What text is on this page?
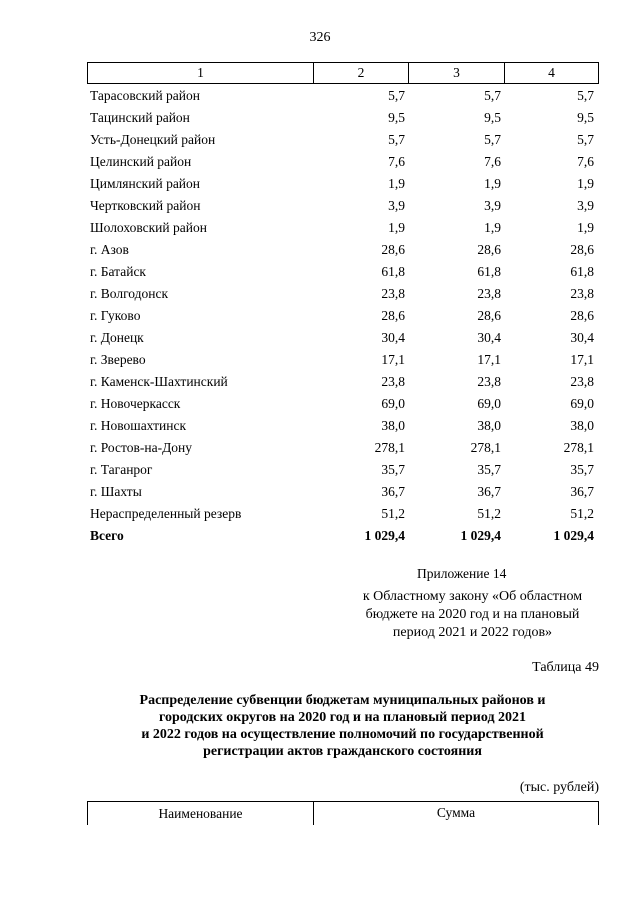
326
1	2	3	4
Тарасовский район	5,7	5,7	5,7
Тацинский район	9,5	9,5	9,5
Усть-Донецкий район	5,7	5,7	5,7
Целинский район	7,6	7,6	7,6
Цимлянский район	1,9	1,9	1,9
Чертковский район	3,9	3,9	3,9
Шолоховский район	1,9	1,9	1,9
г. Азов	28,6	28,6	28,6
г. Батайск	61,8	61,8	61,8
г. Волгодонск	23,8	23,8	23,8
г. Гуково	28,6	28,6	28,6
г. Донецк	30,4	30,4	30,4
г. Зверево	17,1	17,1	17,1
г. Каменск-Шахтинский	23,8	23,8	23,8
г. Новочеркасск	69,0	69,0	69,0
г. Новошахтинск	38,0	38,0	38,0
г. Ростов-на-Дону	278,1	278,1	278,1
г. Таганрог	35,7	35,7	35,7
г. Шахты	36,7	36,7	36,7
Нераспределенный резерв	51,2	51,2	51,2
Всего	1 029,4	1 029,4	1 029,4
Приложение 14
к Областному закону «Об областном
бюджете на 2020 год и на плановый
период 2021 и 2022 годов»
Таблица 49
Распределение субвенции бюджетам муниципальных районов и
городских округов на 2020 год и на плановый период 2021
и 2022 годов на осуществление полномочий по государственной
регистрации актов гражданского состояния
(тыс. рублей)
Наименование	Сумма
